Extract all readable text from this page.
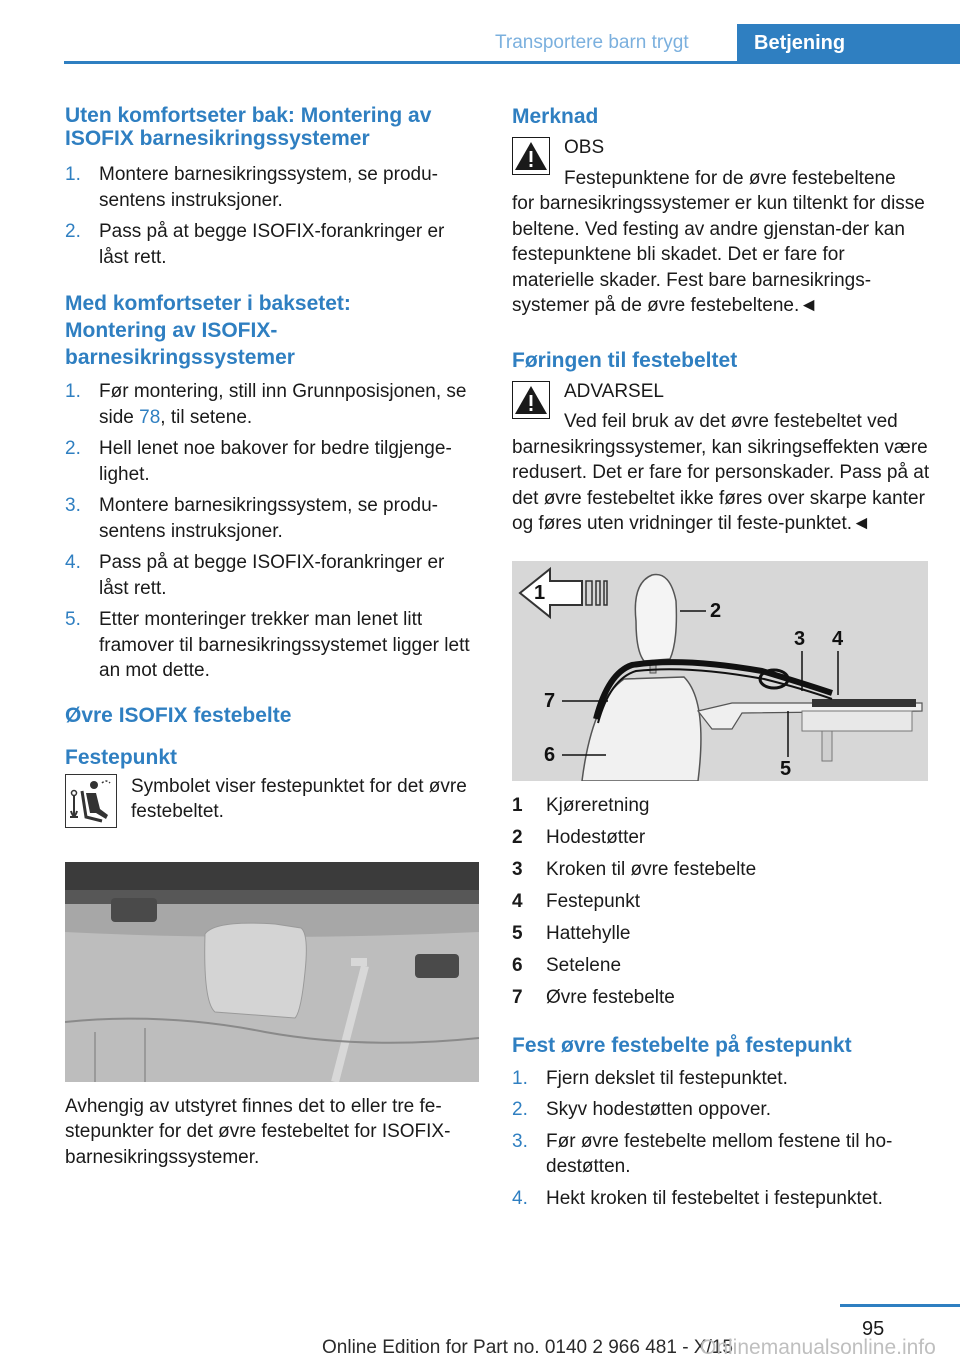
Transportere barn trygt	Betjening
Uten komfortseter bak: Montering av ISOFIX barnesikringssystemer
1. Montere barnesikringssystem, se produ-sentens instruksjoner.
2. Pass på at begge ISOFIX-forankringer er låst rett.
Med komfortseter i baksetet: Montering av ISOFIX-barnesikringssystemer
1. Før montering, still inn Grunnposisjonen, se side 78, til setene.
2. Hell lenet noe bakover for bedre tilgjenge-lighet.
3. Montere barnesikringssystem, se produ-sentens instruksjoner.
4. Pass på at begge ISOFIX-forankringer er låst rett.
5. Etter monteringer trekker man lenet litt framover til barnesikringssystemet ligger lett an mot dette.
Øvre ISOFIX festebelte
Festepunkt

Symbolet viser festepunktet for det øvre festebeltet.

Avhengig av utstyret finnes det to eller tre fe-stepunkter for det øvre festebeltet for ISOFIX-barnesikringssystemer.

Merknad

OBS

Festepunktene for de øvre festebeltene

for barnesikringssystemer er kun tiltenkt for disse beltene. Ved festing av andre gjenstan-der kan festepunktene bli skadet. Det er fare for materielle skader. Fest bare barnesikrings-systemer på de øvre festebeltene.◄

Føringen til festebeltet

ADVARSEL

Ved feil bruk av det øvre festebeltet ved

barnesikringssystemer, kan sikringseffekten være redusert. Det er fare for personskader. Pass på at det øvre festebeltet ikke føres over skarpe kanter og føres uten vridninger til feste-punktet.◄

1
2
3 4
5
6
7
1 Kjøreretning
2 Hodestøtter
3 Kroken til øvre festebelte
4 Festepunkt
5 Hattehylle
6 Setelene
7 Øvre festebelte
Fest øvre festebelte på festepunkt
1. Fjern dekslet til festepunktet.
2. Skyv hodestøtten oppover.
3. Før øvre festebelte mellom festene til ho-destøtten.
4. Hekt kroken til festebeltet i festepunktet.
95
Online Edition for Part no. 0140 2 966 481 - X/15
Onlinemanualsonline.info
